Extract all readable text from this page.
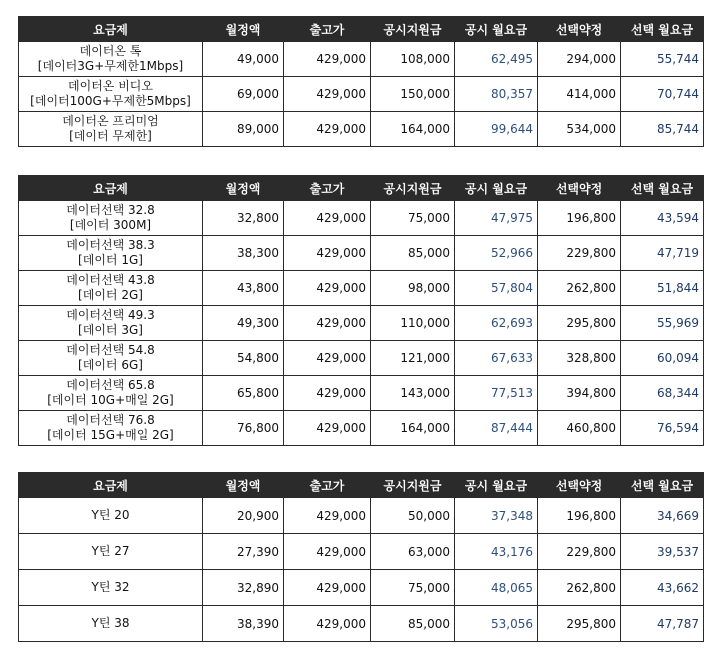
요금제	월정액	출고가	공시지원금	공시 월요금	선택약정	선택 월요금
데이터온 톡
[데이터3G+무제한1Mbps]	49,000	429,000	108,000	62,495	294,000	55,744
데이터온 비디오
[데이터100G+무제한5Mbps]	69,000	429,000	150,000	80,357	414,000	70,744
데이터온 프리미엄
[데이터 무제한]	89,000	429,000	164,000	99,644	534,000	85,744
요금제	월정액	출고가	공시지원금	공시 월요금	선택약정	선택 월요금
데이터선택 32.8
[데이터 300M]	32,800	429,000	75,000	47,975	196,800	43,594
데이터선택 38.3
[데이터 1G]	38,300	429,000	85,000	52,966	229,800	47,719
데이터선택 43.8
[데이터 2G]	43,800	429,000	98,000	57,804	262,800	51,844
데이터선택 49.3
[데이터 3G]	49,300	429,000	110,000	62,693	295,800	55,969
데이터선택 54.8
[데이터 6G]	54,800	429,000	121,000	67,633	328,800	60,094
데이터선택 65.8
[데이터 10G+매일 2G]	65,800	429,000	143,000	77,513	394,800	68,344
데이터선택 76.8
[데이터 15G+매일 2G]	76,800	429,000	164,000	87,444	460,800	76,594
요금제	월정액	출고가	공시지원금	공시 월요금	선택약정	선택 월요금
Y틴 20	20,900	429,000	50,000	37,348	196,800	34,669
Y틴 27	27,390	429,000	63,000	43,176	229,800	39,537
Y틴 32	32,890	429,000	75,000	48,065	262,800	43,662
Y틴 38	38,390	429,000	85,000	53,056	295,800	47,787
